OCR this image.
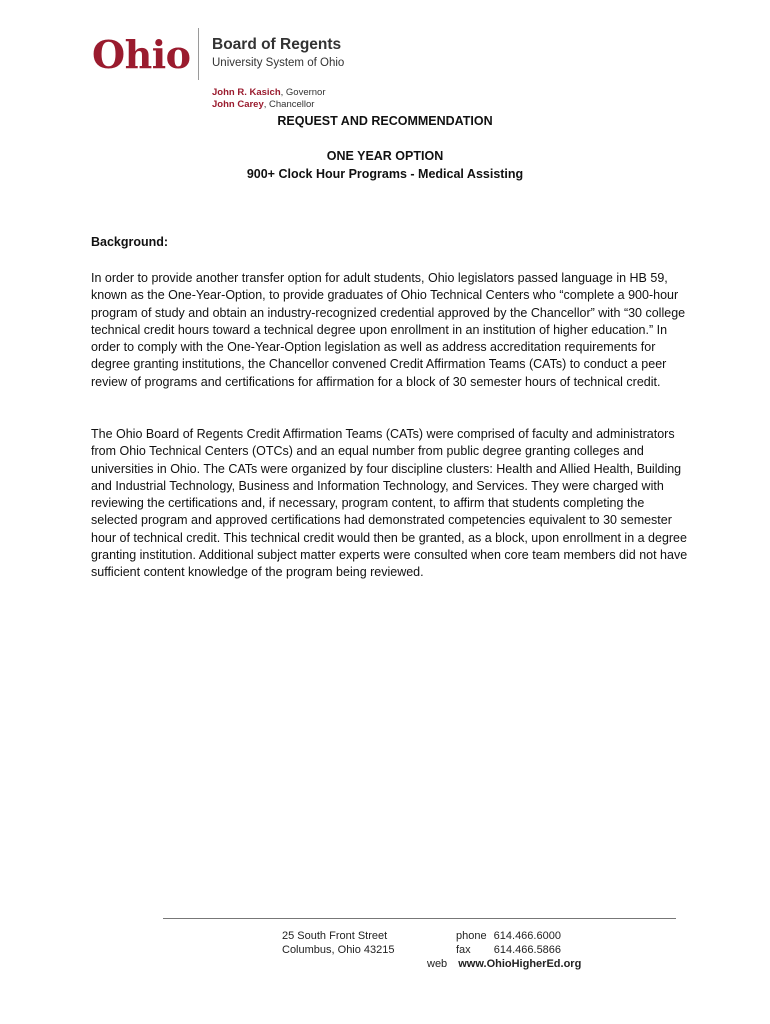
Ohio Board of Regents
University System of Ohio
John R. Kasich, Governor
John Carey, Chancellor
REQUEST AND RECOMMENDATION
ONE YEAR OPTION
900+ Clock Hour Programs - Medical Assisting
Background:
In order to provide another transfer option for adult students, Ohio legislators passed language in HB 59, known as the One-Year-Option, to provide graduates of Ohio Technical Centers who “complete a 900-hour program of study and obtain an industry-recognized credential approved by the Chancellor” with “30 college technical credit hours toward a technical degree upon enrollment in an institution of higher education.” In order to comply with the One-Year-Option legislation as well as address accreditation requirements for degree granting institutions, the Chancellor convened Credit Affirmation Teams (CATs) to conduct a peer review of programs and certifications for affirmation for a block of 30 semester hours of technical credit.
The Ohio Board of Regents Credit Affirmation Teams (CATs) were comprised of faculty and administrators from Ohio Technical Centers (OTCs) and an equal number from public degree granting colleges and universities in Ohio. The CATs were organized by four discipline clusters: Health and Allied Health, Building and Industrial Technology, Business and Information Technology, and Services. They were charged with reviewing the certifications and, if necessary, program content, to affirm that students completing the selected program and approved certifications had demonstrated competencies equivalent to 30 semester hour of technical credit. This technical credit would then be granted, as a block, upon enrollment in a degree granting institution. Additional subject matter experts were consulted when core team members did not have sufficient content knowledge of the program being reviewed.
25 South Front Street
Columbus, Ohio 43215
phone 614.466.6000
fax 614.466.5866
web www.OhioHigherEd.org
